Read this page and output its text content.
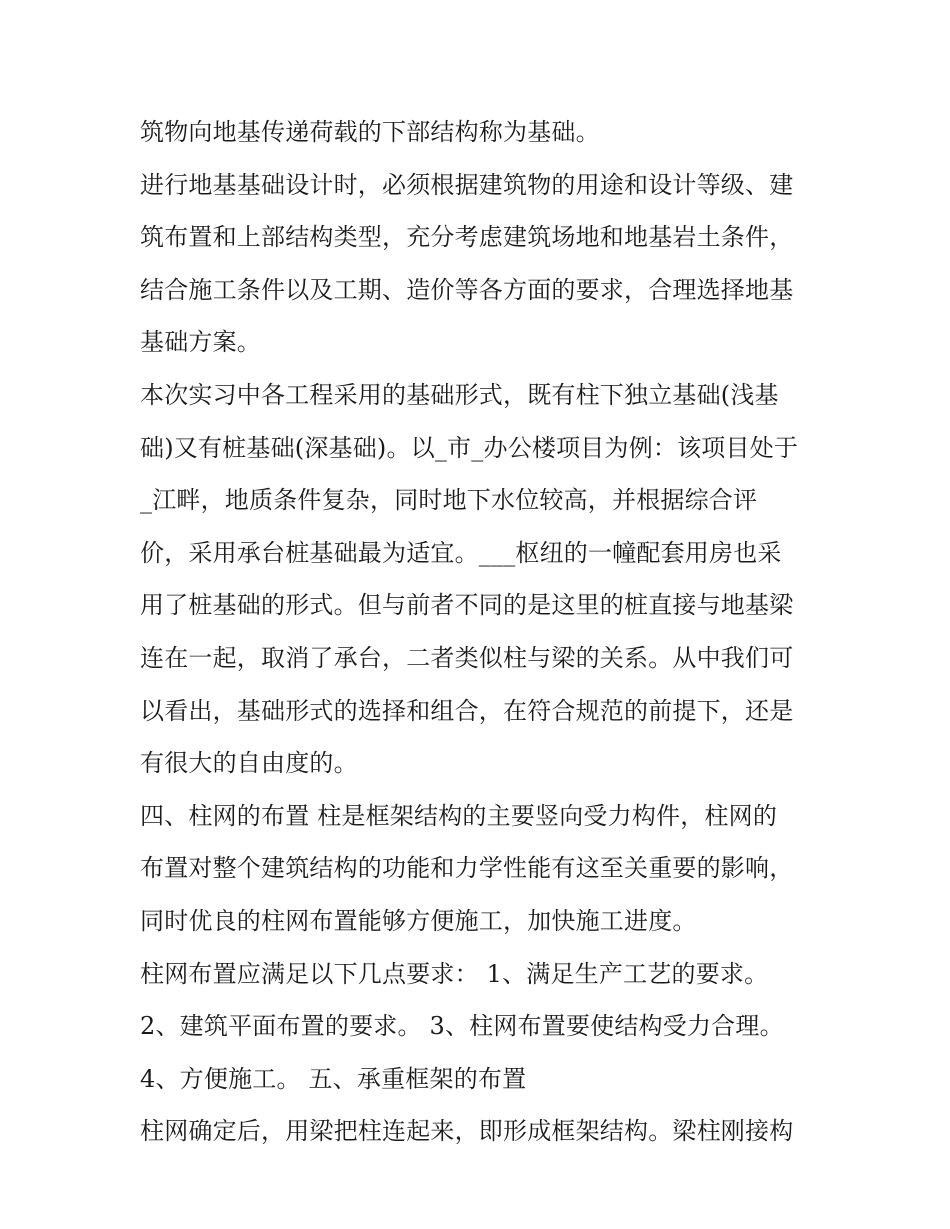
筑物向地基传递荷载的下部结构称为基础。
进行地基基础设计时，必须根据建筑物的用途和设计等级、建
筑布置和上部结构类型，充分考虑建筑场地和地基岩土条件，
结合施工条件以及工期、造价等各方面的要求，合理选择地基
基础方案。
本次实习中各工程采用的基础形式，既有柱下独立基础(浅基
础)又有桩基础(深基础)。以_市_办公楼项目为例：该项目处于
_江畔，地质条件复杂，同时地下水位较高，并根据综合评
价，采用承台桩基础最为适宜。___枢纽的一幢配套用房也采
用了桩基础的形式。但与前者不同的是这里的桩直接与地基梁
连在一起，取消了承台，二者类似柱与梁的关系。从中我们可
以看出，基础形式的选择和组合，在符合规范的前提下，还是
有很大的自由度的。
四、柱网的布置 柱是框架结构的主要竖向受力构件，柱网的
布置对整个建筑结构的功能和力学性能有这至关重要的影响，
同时优良的柱网布置能够方便施工，加快施工进度。
柱网布置应满足以下几点要求： 1、满足生产工艺的要求。
2、建筑平面布置的要求。 3、柱网布置要使结构受力合理。
4、方便施工。 五、承重框架的布置
柱网确定后，用梁把柱连起来，即形成框架结构。梁柱刚接构
